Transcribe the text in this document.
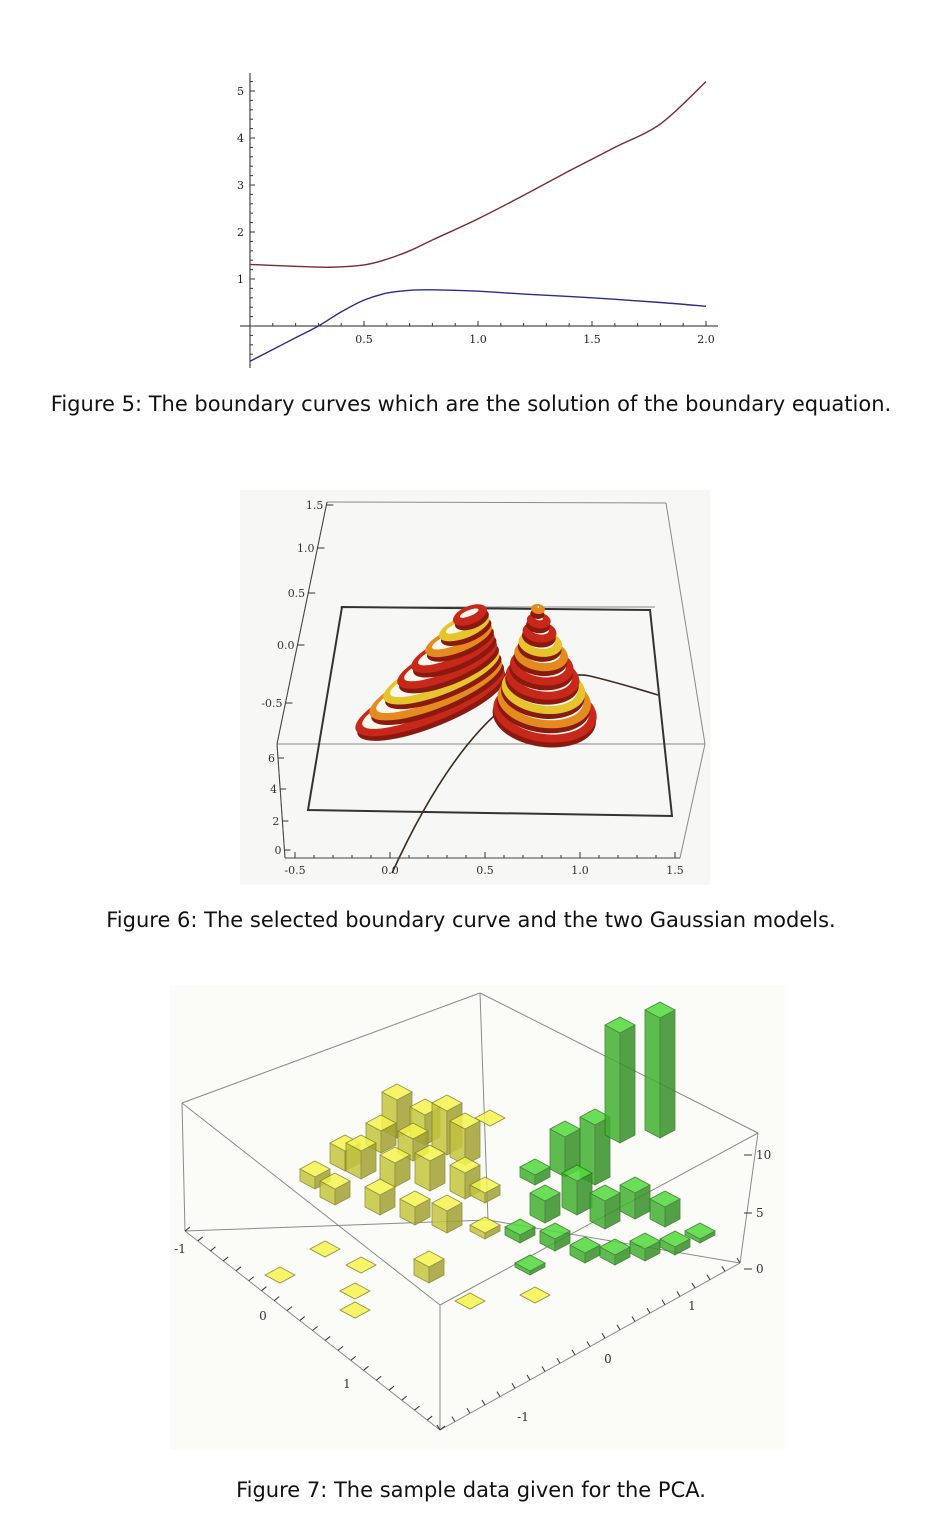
0.5	1.0	1.5	2.0
1
2
3
4
5
Figure 5: The boundary curves which are the solution of the boundary equation.
1.5
1.0
0.5
0.0
-0.5
6
4
2
0
-0.5	0.0	0.5	1.0	1.5
Figure 6: The selected boundary curve and the two Gaussian models.
10
5
0
-1
0
1
-1
0
1
Figure 7: The sample data given for the PCA.
